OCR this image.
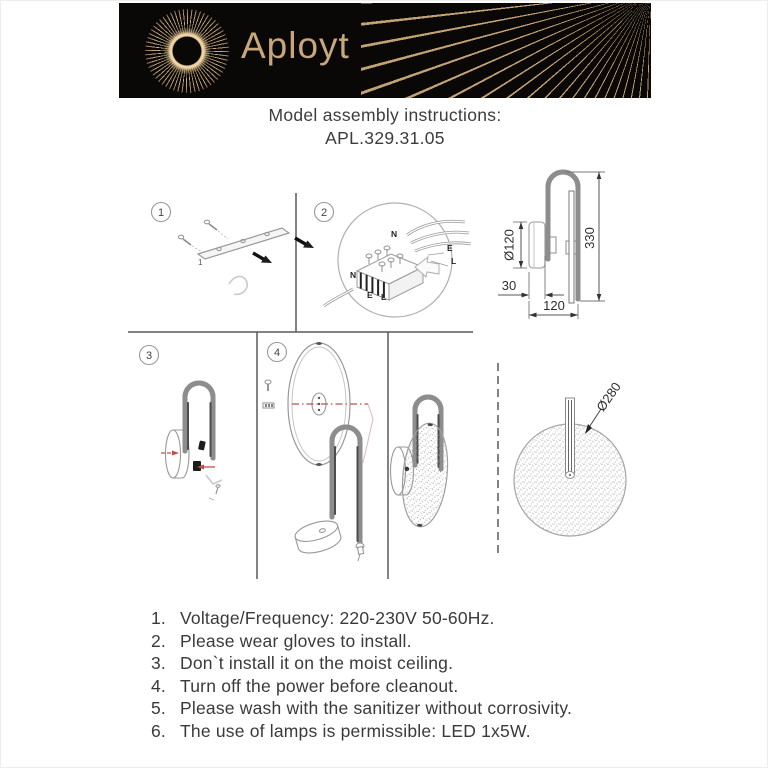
Aployt
Model assembly instructions:
APL.329.31.05
1	2
3	4
1
N
E
L
N
E L
Ø120	330
30
120
Ø280
1. Voltage/Frequency: 220-230V 50-60Hz.
2. Please wear gloves to install.
3. Don`t install it on the moist ceiling.
4. Turn off the power before cleanout.
5. Please wash with the sanitizer without corrosivity.
6. The use of lamps is permissible: LED 1x5W.
